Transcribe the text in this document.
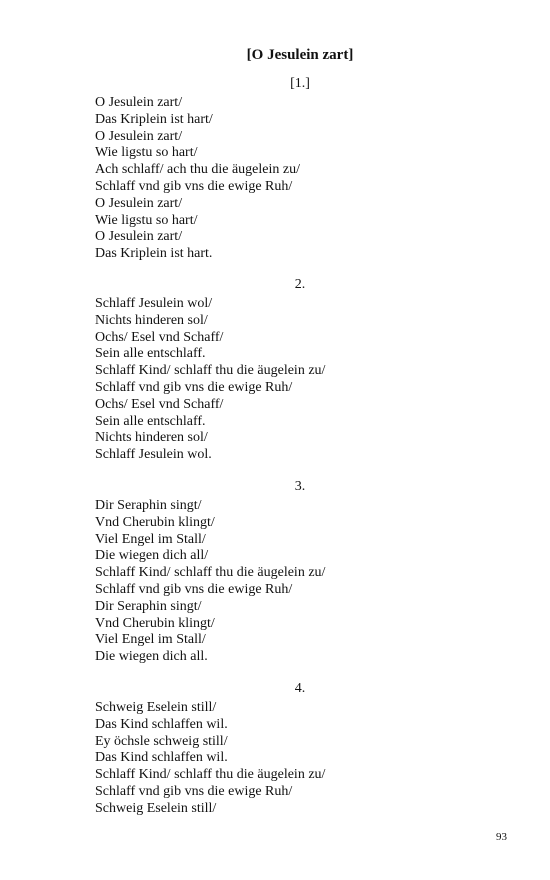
[O Jesulein zart]
[1.]
O Jesulein zart/
Das Kriplein ist hart/
O Jesulein zart/
Wie ligstu so hart/
Ach schlaff/ ach thu die äugelein zu/
Schlaff vnd gib vns die ewige Ruh/
O Jesulein zart/
Wie ligstu so hart/
O Jesulein zart/
Das Kriplein ist hart.
2.
Schlaff Jesulein wol/
Nichts hinderen sol/
Ochs/ Esel vnd Schaff/
Sein alle entschlaff.
Schlaff Kind/ schlaff thu die äugelein zu/
Schlaff vnd gib vns die ewige Ruh/
Ochs/ Esel vnd Schaff/
Sein alle entschlaff.
Nichts hinderen sol/
Schlaff Jesulein wol.
3.
Dir Seraphin singt/
Vnd Cherubin klingt/
Viel Engel im Stall/
Die wiegen dich all/
Schlaff Kind/ schlaff thu die äugelein zu/
Schlaff vnd gib vns die ewige Ruh/
Dir Seraphin singt/
Vnd Cherubin klingt/
Viel Engel im Stall/
Die wiegen dich all.
4.
Schweig Eselein still/
Das Kind schlaffen wil.
Ey öchsle schweig still/
Das Kind schlaffen wil.
Schlaff Kind/ schlaff thu die äugelein zu/
Schlaff vnd gib vns die ewige Ruh/
Schweig Eselein still/
93
